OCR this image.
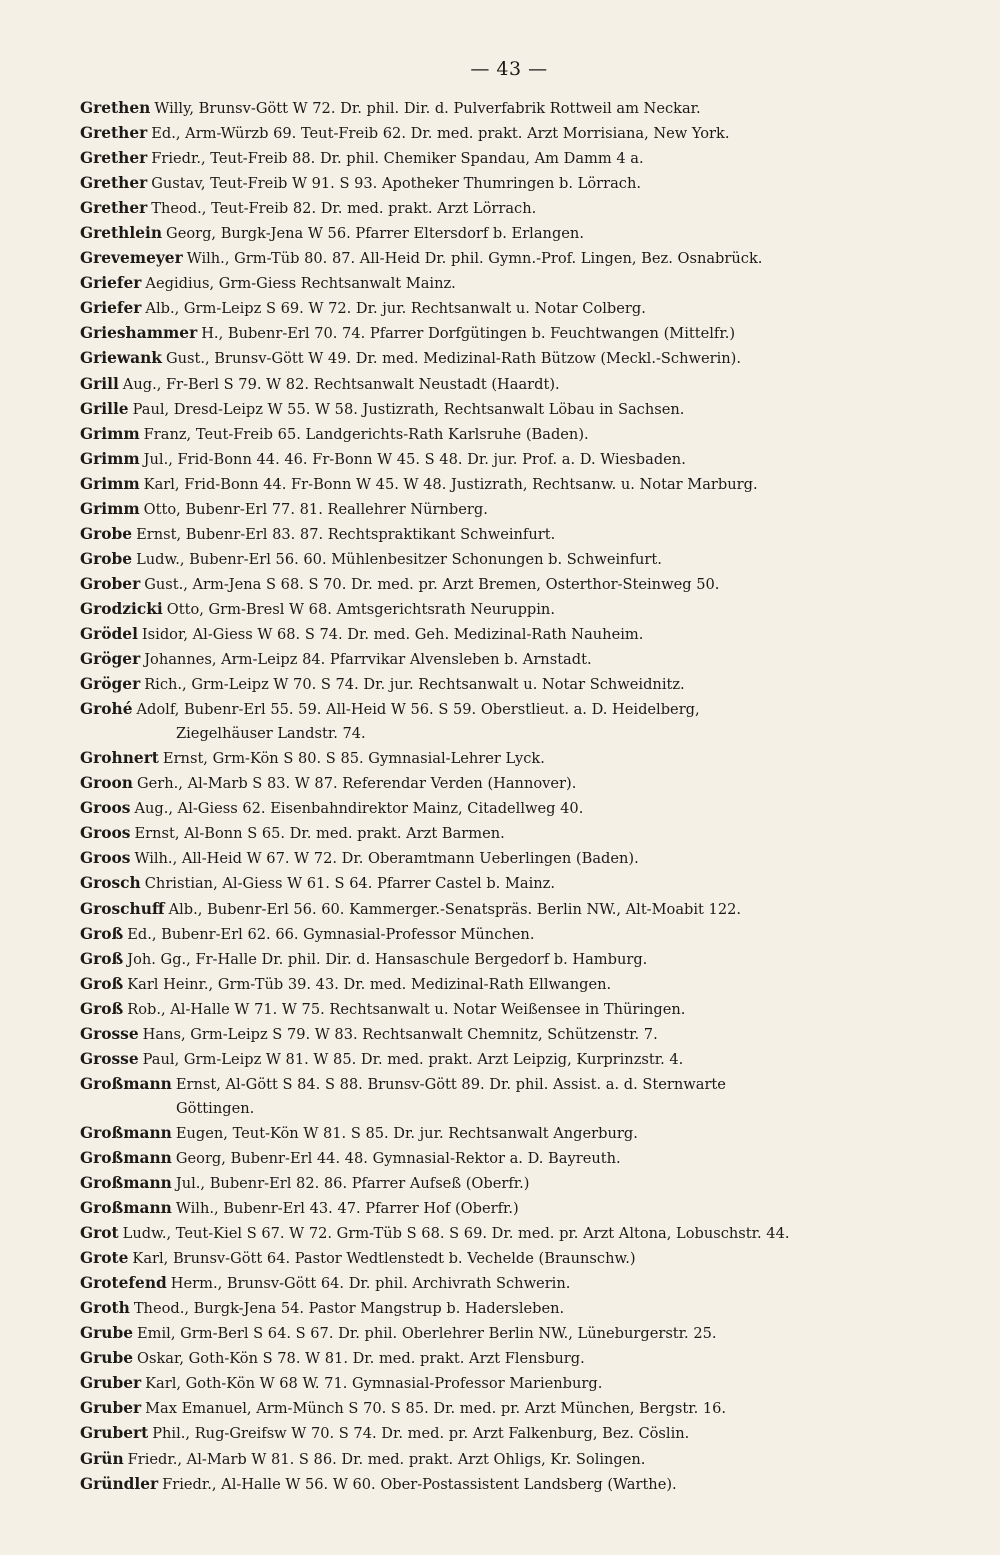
— 43 —
Grethen Willy, Brunsv-Gött W 72. Dr. phil. Dir. d. Pulverfabrik Rottweil am Neckar.
Grether Ed., Arm-Würzb 69. Teut-Freib 62. Dr. med. prakt. Arzt Morrisiana, New York.
Grether Friedr., Teut-Freib 88. Dr. phil. Chemiker Spandau, Am Damm 4 a.
Grether Gustav, Teut-Freib W 91. S 93. Apotheker Thumringen b. Lörrach.
Grether Theod., Teut-Freib 82. Dr. med. prakt. Arzt Lörrach.
Grethlein Georg, Burgk-Jena W 56. Pfarrer Eltersdorf b. Erlangen.
Grevemeyer Wilh., Grm-Tüb 80. 87. All-Heid Dr. phil. Gymn.-Prof. Lingen, Bez. Osnabrück.
Griefer Aegidius, Grm-Giess Rechtsanwalt Mainz.
Griefer Alb., Grm-Leipz S 69. W 72. Dr. jur. Rechtsanwalt u. Notar Colberg.
Grieshammer H., Bubenr-Erl 70. 74. Pfarrer Dorfgütingen b. Feuchtwangen (Mittelfr.)
Griewank Gust., Brunsv-Gött W 49. Dr. med. Medizinal-Rath Bützow (Meckl.-Schwerin).
Grill Aug., Fr-Berl S 79. W 82. Rechtsanwalt Neustadt (Haardt).
Grille Paul, Dresd-Leipz W 55. W 58. Justizrath, Rechtsanwalt Löbau in Sachsen.
Grimm Franz, Teut-Freib 65. Landgerichts-Rath Karlsruhe (Baden).
Grimm Jul., Frid-Bonn 44. 46. Fr-Bonn W 45. S 48. Dr. jur. Prof. a. D. Wiesbaden.
Grimm Karl, Frid-Bonn 44. Fr-Bonn W 45. W 48. Justizrath, Rechtsanw. u. Notar Marburg.
Grimm Otto, Bubenr-Erl 77. 81. Reallehrer Nürnberg.
Grobe Ernst, Bubenr-Erl 83. 87. Rechtspraktikant Schweinfurt.
Grobe Ludw., Bubenr-Erl 56. 60. Mühlenbesitzer Schonungen b. Schweinfurt.
Grober Gust., Arm-Jena S 68. S 70. Dr. med. pr. Arzt Bremen, Osterthor-Steinweg 50.
Grodzicki Otto, Grm-Bresl W 68. Amtsgerichtsrath Neuruppin.
Grödel Isidor, Al-Giess W 68. S 74. Dr. med. Geh. Medizinal-Rath Nauheim.
Gröger Johannes, Arm-Leipz 84. Pfarrvikar Alvensleben b. Arnstadt.
Gröger Rich., Grm-Leipz W 70. S 74. Dr. jur. Rechtsanwalt u. Notar Schweidnitz.
Grohé Adolf, Bubenr-Erl 55. 59. All-Heid W 56. S 59. Oberstlieut. a. D. Heidelberg,
Ziegelhäuser Landstr. 74.
Grohnert Ernst, Grm-Kön S 80. S 85. Gymnasial-Lehrer Lyck.
Groon Gerh., Al-Marb S 83. W 87. Referendar Verden (Hannover).
Groos Aug., Al-Giess 62. Eisenbahndirektor Mainz, Citadellweg 40.
Groos Ernst, Al-Bonn S 65. Dr. med. prakt. Arzt Barmen.
Groos Wilh., All-Heid W 67. W 72. Dr. Oberamtmann Ueberlingen (Baden).
Grosch Christian, Al-Giess W 61. S 64. Pfarrer Castel b. Mainz.
Groschuff Alb., Bubenr-Erl 56. 60. Kammerger.-Senatspräs. Berlin NW., Alt-Moabit 122.
Groß Ed., Bubenr-Erl 62. 66. Gymnasial-Professor München.
Groß Joh. Gg., Fr-Halle Dr. phil. Dir. d. Hansaschule Bergedorf b. Hamburg.
Groß Karl Heinr., Grm-Tüb 39. 43. Dr. med. Medizinal-Rath Ellwangen.
Groß Rob., Al-Halle W 71. W 75. Rechtsanwalt u. Notar Weißensee in Thüringen.
Grosse Hans, Grm-Leipz S 79. W 83. Rechtsanwalt Chemnitz, Schützenstr. 7.
Grosse Paul, Grm-Leipz W 81. W 85. Dr. med. prakt. Arzt Leipzig, Kurprinzstr. 4.
Großmann Ernst, Al-Gött S 84. S 88. Brunsv-Gött 89. Dr. phil. Assist. a. d. Sternwarte
Göttingen.
Großmann Eugen, Teut-Kön W 81. S 85. Dr. jur. Rechtsanwalt Angerburg.
Großmann Georg, Bubenr-Erl 44. 48. Gymnasial-Rektor a. D. Bayreuth.
Großmann Jul., Bubenr-Erl 82. 86. Pfarrer Aufseß (Oberfr.)
Großmann Wilh., Bubenr-Erl 43. 47. Pfarrer Hof (Oberfr.)
Grot Ludw., Teut-Kiel S 67. W 72. Grm-Tüb S 68. S 69. Dr. med. pr. Arzt Altona, Lobuschstr. 44.
Grote Karl, Brunsv-Gött 64. Pastor Wedtlenstedt b. Vechelde (Braunschw.)
Grotefend Herm., Brunsv-Gött 64. Dr. phil. Archivrath Schwerin.
Groth Theod., Burgk-Jena 54. Pastor Mangstrup b. Hadersleben.
Grube Emil, Grm-Berl S 64. S 67. Dr. phil. Oberlehrer Berlin NW., Lüneburgerstr. 25.
Grube Oskar, Goth-Kön S 78. W 81. Dr. med. prakt. Arzt Flensburg.
Gruber Karl, Goth-Kön W 68 W. 71. Gymnasial-Professor Marienburg.
Gruber Max Emanuel, Arm-Münch S 70. S 85. Dr. med. pr. Arzt München, Bergstr. 16.
Grubert Phil., Rug-Greifsw W 70. S 74. Dr. med. pr. Arzt Falkenburg, Bez. Cöslin.
Grün Friedr., Al-Marb W 81. S 86. Dr. med. prakt. Arzt Ohligs, Kr. Solingen.
Gründler Friedr., Al-Halle W 56. W 60. Ober-Postassistent Landsberg (Warthe).
